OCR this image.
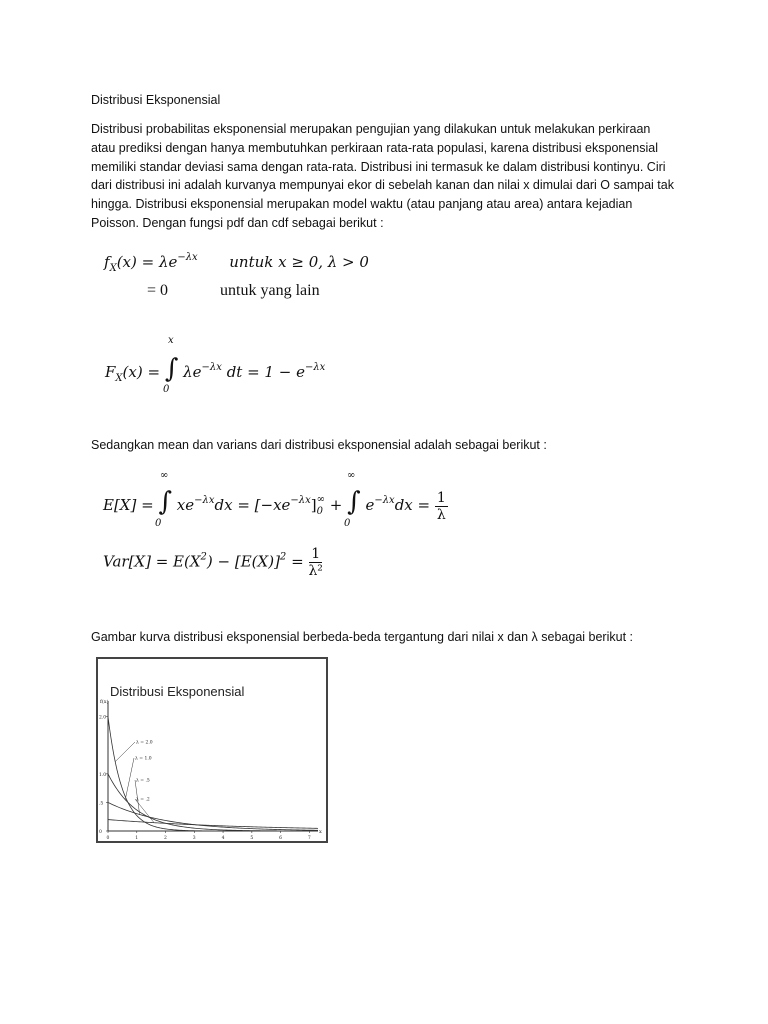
Distribusi Eksponensial
Distribusi probabilitas eksponensial merupakan pengujian yang dilakukan untuk melakukan perkiraan
atau prediksi dengan hanya membutuhkan perkiraan rata-rata populasi, karena distribusi eksponensial
memiliki standar deviasi sama dengan rata-rata. Distribusi ini termasuk ke dalam distribusi kontinyu. Ciri
dari distribusi ini adalah kurvanya mempunyai ekor di sebelah kanan dan nilai x dimulai dari O sampai tak
hingga. Distribusi eksponensial merupakan model waktu (atau panjang atau area) antara kejadian
Poisson. Dengan fungsi pdf dan cdf sebagai berikut :
$f_X(x) = \lambda e^{-\lambda x}$ untuk x ≥ 0, λ > 0
= 0	untuk yang lain
x
0
$F_X(x)$ = ∫ $\lambda e^{-\lambda x}$ dt = $1 - e^{-\lambda x}$
Sedangkan mean dan varians dari distribusi eksponensial adalah sebagai berikut :
∞
0
∞
0
E[X] = ∫ $xe^{-\lambda x}dx = [-xe^{-\lambda x}]$ ∞
0 + ∫ $e^{-\lambda x}dx = \frac{1}{\lambda}$
$Var[X] = E(X^2) - [E(X)]^2 = \frac{1}{\text{λ²}}$
Gambar kurva distribusi eksponensial berbeda-beda tergantung dari nilai x dan λ sebagai berikut :
Distribusi Eksponensial
f(x)
x
2.0
1.0
.5
0
0	1	2	3	4	5	6	7
λ = 2.0
λ = 1.0
λ = .5
λ = .2
